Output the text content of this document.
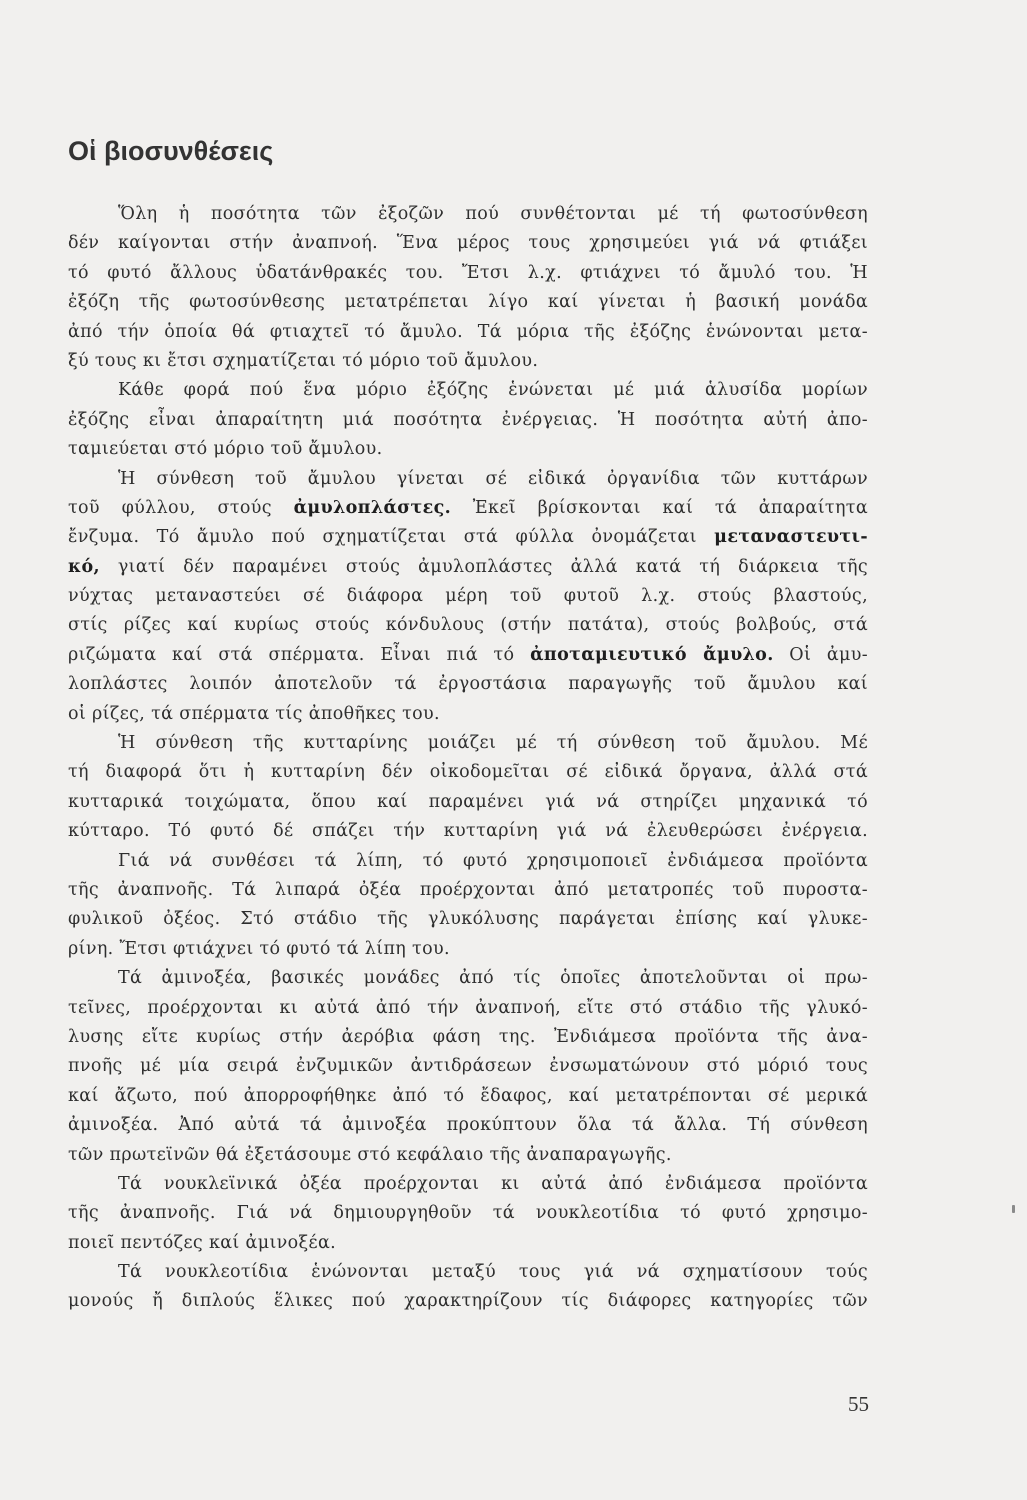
Οἱ βιοσυνθέσεις
Ὅλη ἡ ποσότητα τῶν ἐξοζῶν πού συνθέτονται μέ τή φωτοσύνθεση
δέν καίγονται στήν ἀναπνοή. Ἕνα μέρος τους χρησιμεύει γιά νά φτιάξει
τό φυτό ἄλλους ὑδατάνθρακές του. Ἔτσι λ.χ. φτιάχνει τό ἄμυλό του. Ἡ
ἐξόζη τῆς φωτοσύνθεσης μετατρέπεται λίγο καί γίνεται ἡ βασική μονάδα
ἀπό τήν ὁποία θά φτιαχτεῖ τό ἄμυλο. Τά μόρια τῆς ἐξόζης ἑνώνονται μετα-
ξύ τους κι ἔτσι σχηματίζεται τό μόριο τοῦ ἄμυλου.
Κάθε φορά πού ἕνα μόριο ἐξόζης ἑνώνεται μέ μιά ἁλυσίδα μορίων
ἐξόζης εἶναι ἀπαραίτητη μιά ποσότητα ἐνέργειας. Ἡ ποσότητα αὐτή ἀπο-
ταμιεύεται στό μόριο τοῦ ἄμυλου.
Ἡ σύνθεση τοῦ ἄμυλου γίνεται σέ εἰδικά ὀργανίδια τῶν κυττάρων
τοῦ φύλλου, στούς ἀμυλοπλάστες. Ἐκεῖ βρίσκονται καί τά ἀπαραίτητα
ἔνζυμα. Τό ἄμυλο πού σχηματίζεται στά φύλλα ὀνομάζεται μεταναστευτι-
κό, γιατί δέν παραμένει στούς ἀμυλοπλάστες ἀλλά κατά τή διάρκεια τῆς
νύχτας μεταναστεύει σέ διάφορα μέρη τοῦ φυτοῦ λ.χ. στούς βλαστούς,
στίς ρίζες καί κυρίως στούς κόνδυλους (στήν πατάτα), στούς βολβούς, στά
ριζώματα καί στά σπέρματα. Εἶναι πιά τό ἀποταμιευτικό ἄμυλο. Οἱ ἀμυ-
λοπλάστες λοιπόν ἀποτελοῦν τά ἐργοστάσια παραγωγῆς τοῦ ἄμυλου καί
οἱ ρίζες, τά σπέρματα τίς ἀποθῆκες του.
Ἡ σύνθεση τῆς κυτταρίνης μοιάζει μέ τή σύνθεση τοῦ ἄμυλου. Μέ
τή διαφορά ὅτι ἡ κυτταρίνη δέν οἰκοδομεῖται σέ εἰδικά ὄργανα, ἀλλά στά
κυτταρικά τοιχώματα, ὅπου καί παραμένει γιά νά στηρίζει μηχανικά τό
κύτταρο. Τό φυτό δέ σπάζει τήν κυτταρίνη γιά νά ἐλευθερώσει ἐνέργεια.
Γιά νά συνθέσει τά λίπη, τό φυτό χρησιμοποιεῖ ἐνδιάμεσα προϊόντα
τῆς ἀναπνοῆς. Τά λιπαρά ὀξέα προέρχονται ἀπό μετατροπές τοῦ πυροστα-
φυλικοῦ ὀξέος. Στό στάδιο τῆς γλυκόλυσης παράγεται ἐπίσης καί γλυκε-
ρίνη. Ἔτσι φτιάχνει τό φυτό τά λίπη του.
Τά ἀμινοξέα, βασικές μονάδες ἀπό τίς ὁποῖες ἀποτελοῦνται οἱ πρω-
τεῖνες, προέρχονται κι αὐτά ἀπό τήν ἀναπνοή, εἴτε στό στάδιο τῆς γλυκό-
λυσης εἴτε κυρίως στήν ἀερόβια φάση της. Ἐνδιάμεσα προϊόντα τῆς ἀνα-
πνοῆς μέ μία σειρά ἐνζυμικῶν ἀντιδράσεων ἐνσωματώνουν στό μόριό τους
καί ἄζωτο, πού ἀπορροφήθηκε ἀπό τό ἔδαφος, καί μετατρέπονται σέ μερικά
ἀμινοξέα. Ἀπό αὐτά τά ἀμινοξέα προκύπτουν ὅλα τά ἄλλα. Τή σύνθεση
τῶν πρωτεϊνῶν θά ἐξετάσουμε στό κεφάλαιο τῆς ἀναπαραγωγῆς.
Τά νουκλεϊνικά ὀξέα προέρχονται κι αὐτά ἀπό ἐνδιάμεσα προϊόντα
τῆς ἀναπνοῆς. Γιά νά δημιουργηθοῦν τά νουκλεοτίδια τό φυτό χρησιμο-
ποιεῖ πεντόζες καί ἀμινοξέα.
Τά νουκλεοτίδια ἑνώνονται μεταξύ τους γιά νά σχηματίσουν τούς
μονούς ἤ διπλούς ἕλικες πού χαρακτηρίζουν τίς διάφορες κατηγορίες τῶν
55
